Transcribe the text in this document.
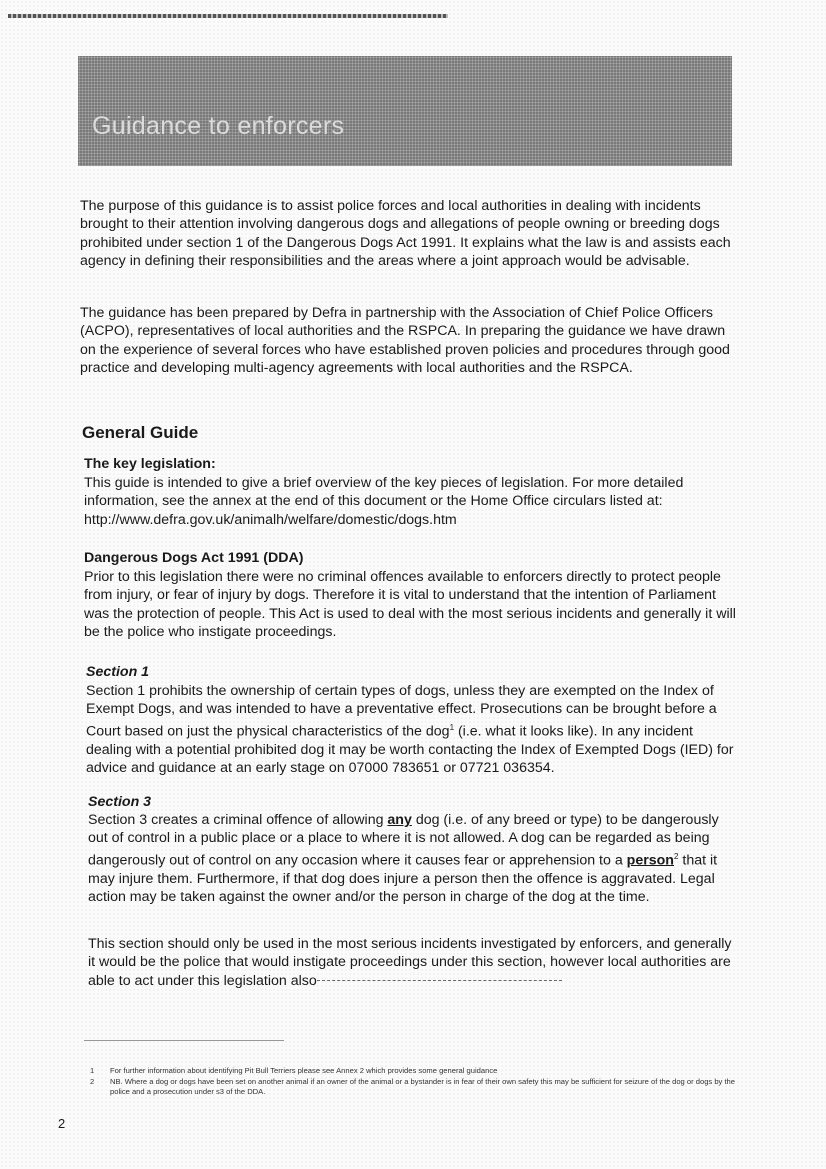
Guidance to enforcers

The purpose of this guidance is to assist police forces and local authorities in dealing with incidents brought to their attention involving dangerous dogs and allegations of people owning or breeding dogs prohibited under section 1 of the Dangerous Dogs Act 1991. It explains what the law is and assists each agency in defining their responsibilities and the areas where a joint approach would be advisable.

The guidance has been prepared by Defra in partnership with the Association of Chief Police Officers (ACPO), representatives of local authorities and the RSPCA. In preparing the guidance we have drawn on the experience of several forces who have established proven policies and procedures through good practice and developing multi-agency agreements with local authorities and the RSPCA.

General Guide
The key legislation:

This guide is intended to give a brief overview of the key pieces of legislation. For more detailed information, see the annex at the end of this document or the Home Office circulars listed at: http://www.defra.gov.uk/animalh/welfare/domestic/dogs.htm

Dangerous Dogs Act 1991 (DDA)

Prior to this legislation there were no criminal offences available to enforcers directly to protect people from injury, or fear of injury by dogs. Therefore it is vital to understand that the intention of Parliament was the protection of people. This Act is used to deal with the most serious incidents and generally it will be the police who instigate proceedings.

Section 1

Section 1 prohibits the ownership of certain types of dogs, unless they are exempted on the Index of Exempt Dogs, and was intended to have a preventative effect. Prosecutions can be brought before a Court based on just the physical characteristics of the dog$^1$ (i.e. what it looks like). In any incident dealing with a potential prohibited dog it may be worth contacting the Index of Exempted Dogs (IED) for advice and guidance at an early stage on 07000 783651 or 07721 036354.

Section 3

Section 3 creates a criminal offence of allowing any dog (i.e. of any breed or type) to be dangerously out of control in a public place or a place to where it is not allowed. A dog can be regarded as being dangerously out of control on any occasion where it causes fear or apprehension to a person$^2$ that it may injure them. Furthermore, if that dog does injure a person then the offence is aggravated. Legal action may be taken against the owner and/or the person in charge of the dog at the time.

This section should only be used in the most serious incidents investigated by enforcers, and generally it would be the police that would instigate proceedings under this section, however local authorities are able to act under this legislation also

1 For further information about identifying Pit Bull Terriers please see Annex 2 which provides some general guidance
2 NB. Where a dog or dogs have been set on another animal if an owner of the animal or a bystander is in fear of their own safety this may be sufficient for seizure of the dog or dogs by the police and a prosecution under s3 of the DDA.
2
